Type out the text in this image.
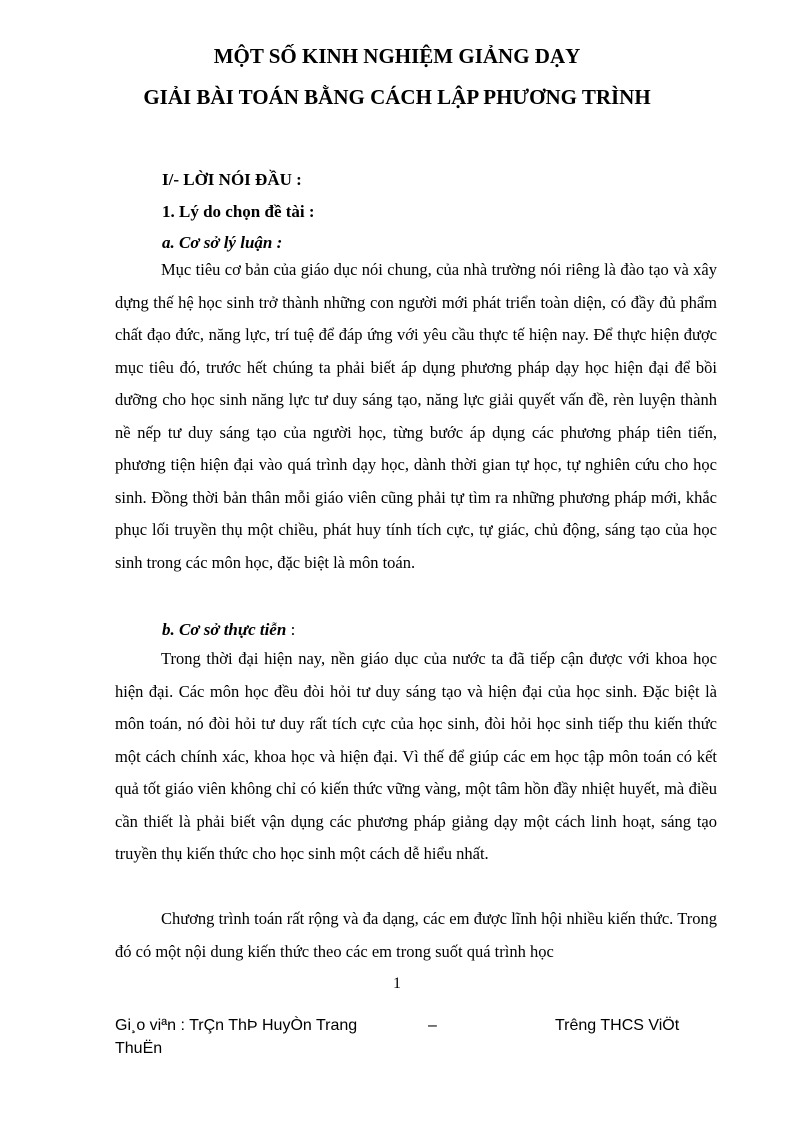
MỘT SỐ KINH NGHIỆM GIẢNG DẠY
GIẢI BÀI TOÁN BẰNG CÁCH LẬP PHƯƠNG TRÌNH
I/- LỜI NÓI ĐẦU :
1. Lý do chọn đề tài :
a. Cơ sở lý luận :

Mục tiêu cơ bản của giáo dục nói chung, của nhà trường nói riêng là đào tạo và xây dựng thế hệ học sinh trở thành những con người mới phát triển toàn diện, có đầy đủ phẩm chất đạo đức, năng lực, trí tuệ để đáp ứng với yêu cầu thực tế hiện nay. Để thực hiện được mục tiêu đó, trước hết chúng ta phải biết áp dụng phương pháp dạy học hiện đại để bồi dưỡng cho học sinh năng lực tư duy sáng tạo, năng lực giải quyết vấn đề, rèn luyện thành nề nếp tư duy sáng tạo của người học, từng bước áp dụng các phương pháp tiên tiến, phương tiện hiện đại vào quá trình dạy học, dành thời gian tự học, tự nghiên cứu cho học sinh. Đồng thời bản thân mỗi giáo viên cũng phải tự tìm ra những phương pháp mới, khắc phục lối truyền thụ một chiều, phát huy tính tích cực, tự giác, chủ động, sáng tạo của học sinh trong các môn học, đặc biệt là môn toán.

b. Cơ sở thực tiễn :

Trong thời đại hiện nay, nền giáo dục của nước ta đã tiếp cận được với khoa học hiện đại. Các môn học đều đòi hỏi tư duy sáng tạo và hiện đại của học sinh. Đặc biệt là môn toán, nó đòi hỏi tư duy rất tích cực của học sinh, đòi hỏi học sinh tiếp thu kiến thức một cách chính xác, khoa học và hiện đại. Vì thế để giúp các em học tập môn toán có kết quả tốt giáo viên không chỉ có kiến thức vững vàng, một tâm hồn đầy nhiệt huyết, mà điều cần thiết là phải biết vận dụng các phương pháp giảng dạy một cách linh hoạt, sáng tạo truyền thụ kiến thức cho học sinh một cách dễ hiểu nhất.

Chương trình toán rất rộng và đa dạng, các em được lĩnh hội nhiều kiến thức. Trong đó có một nội dung kiến thức theo các em trong suốt quá trình học

1
Gi¸o viªn : TrÇn ThÞ HuyÒn Trang	–	Trêng THCS ViÖt
ThuËn
